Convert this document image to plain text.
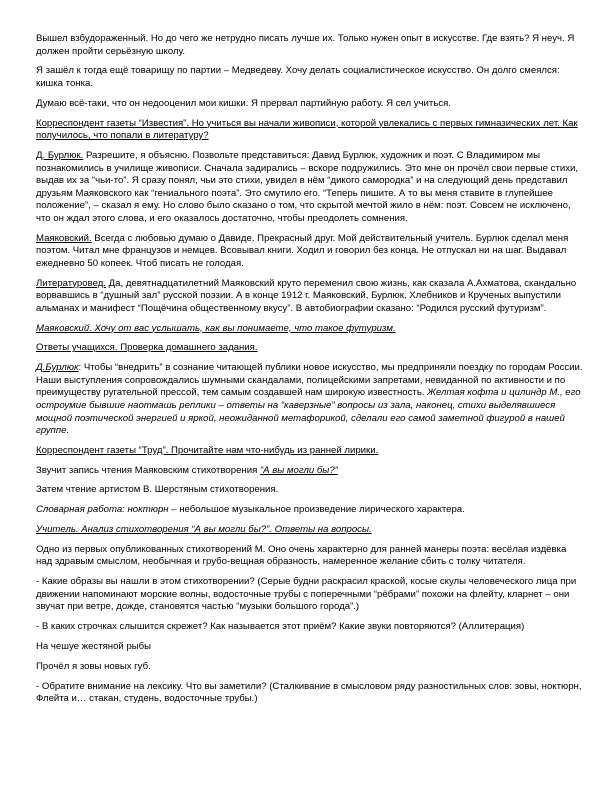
Вышел взбудораженный. Но до чего же нетрудно писать лучше их. Только нужен опыт в искусстве. Где взять? Я неуч. Я должен пройти серьёзную школу.

Я зашёл к тогда ещё товарищу по партии – Медведеву. Хочу делать социалистическое искусство. Он долго смеялся: кишка тонка.

Думаю всё-таки, что он недооценил мои кишки. Я прервал партийную работу. Я сел учиться.

Корреспондент газеты “Известия”. Но учиться вы начали живописи, которой увлекались с первых гимназических лет. Как получилось, что попали в литературу?

Д. Бурлюк. Разрешите, я объясню. Позвольте представиться: Давид Бурлюк, художник и поэт. С Владимиром мы познакомились в училище живописи. Сначала задирались – вскоре подружились. Это мне он прочёл свои первые стихи, выдав их за “чьи-то”. Я сразу понял, чьи это стихи, увидел в нём “дикого самородка” и на следующий день представил друзьям Маяковского как “гениального поэта”. Это смутило его. “Теперь пишите. А то вы меня ставите в глупейшее положение”, – сказал я ему. Но слово было сказано о том, что скрытой мечтой жило в нём: поэт. Совсем не исключено, что он ждал этого слова, и его оказалось достаточно, чтобы преодолеть сомнения.

Маяковский. Всегда с любовью думаю о Давиде. Прекрасный друг. Мой действительный учитель. Бурлюк сделал меня поэтом. Читал мне французов и немцев. Всовывал книги. Ходил и говорил без конца. Не отпускал ни на шаг. Выдавал ежедневно 50 копеек. Чтоб писать не голодая.

Литературовед. Да, девятнадцатилетний Маяковский круто переменил свою жизнь, как сказала А.Ахматова, скандально ворвавшись в “душный зал” русской поэзии. А в конце 1912 г. Маяковский, Бурлюк, Хлебников и Крученых выпустили альманах и манифест “Пощёчина общественному вкусу”. В автобиографии сказано: “Родился русский футуризм”.

Маяковский. Хочу от вас услышать, как вы понимаете, что такое футуризм.

Ответы учащихся. Проверка домашнего задания.

Д.Бурлюк: Чтобы “внедрить” в сознание читающей публики новое искусство, мы предприняли поездку по городам России. Наши выступления сопровождались шумными скандалами, полицейскими запретами, невиданной по активности и по преимуществу ругательной прессой, тем самым создавшей нам широкую известность. Желтая кофта и цилиндр М., его остроумие бывшие наотмашь реплики – ответы на “каверзные” вопросы из зала, наконец, стихи выделявшиеся мощной поэтической энергией и яркой, неожиданной метафорикой, сделали его самой заметной фигурой в нашей группе.

Корреспондент газеты “Труд”. Прочитайте нам что-нибудь из ранней лирики.

Звучит запись чтения Маяковским стихотворения “А вы могли бы?”

Затем чтение артистом В. Шерстяным стихотворения.

Словарная работа: ноктюрн – небольшое музыкальное произведение лирического характера.

Учитель. Анализ стихотворения “А вы могли бы?”. Ответы на вопросы.

Одно из первых опубликованных стихотворений М. Оно очень характерно для ранней манеры поэта: весёлая издёвка над здравым смыслом, необычная и грубо-вещная образность, намеренное желание сбить с толку читателя.

- Какие образы вы нашли в этом стихотворении? (Серые будни раскрасил краской, косые скулы человеческого лица при движении напоминают морские волны, водосточные трубы с поперечными “рёбрами” похожи на флейту, кларнет – они звучат при ветре, дожде, становятся частью “музыки большого города”.)

- В каких строчках слышится скрежет? Как называется этот приём? Какие звуки повторяются? (Аллитерация)

На чешуе жестяной рыбы

Прочёл я зовы новых губ.

- Обратите внимание на лексику. Что вы заметили? (Сталкивание в смысловом ряду разностильных слов: зовы, ноктюрн, Флейта и… стакан, студень, водосточные трубы.)
